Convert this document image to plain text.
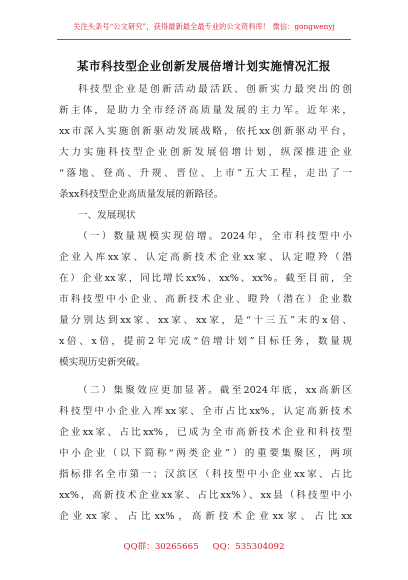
关注头条号“公文研究”，获得最新最全最专业的公文资料库！ 微信：gongwenyj
某市科技型企业创新发展倍增计划实施情况汇报
科技型企业是创新活动最活跃、创新实力最突出的创
新主体，是助力全市经济高质量发展的主力军。近年来，
xx市深入实施创新驱动发展战略，依托xx创新驱动平台，
大力实施科技型企业创新发展倍增计划，纵深推进企业
“落地、登高、升规、晋位、上市”五大工程，走出了一
条xx科技型企业高质量发展的新路径。
一、发展现状
（一）数量规模实现倍增。2024年，全市科技型中小
企业入库xx家、认定高新技术企业xx家、认定瞪羚（潜
在）企业xx家，同比增长xx%、xx%、xx%。截至目前，全
市科技型中小企业、高新技术企业、瞪羚（潜在）企业数
量分别达到xx家、xx家、xx家，是“十三五”末的x倍、
x倍、x倍，提前2年完成“倍增计划”目标任务，数量规
模实现历史新突破。
（二）集聚效应更加显著。截至2024年底，xx高新区
科技型中小企业入库xx家、全市占比xx%，认定高新技术
企业xx家、占比xx%，已成为全市高新技术企业和科技型
中小企业（以下简称“两类企业”）的重要集聚区，两项
指标排名全市第一；汉滨区（科技型中小企业xx家、占比
xx%，高新技术企业xx家、占比xx%）、xx县（科技型中小
企业xx家、占比xx%，高新技术企业xx家、占比xx
QQ群：30265665 QQ：535304092
